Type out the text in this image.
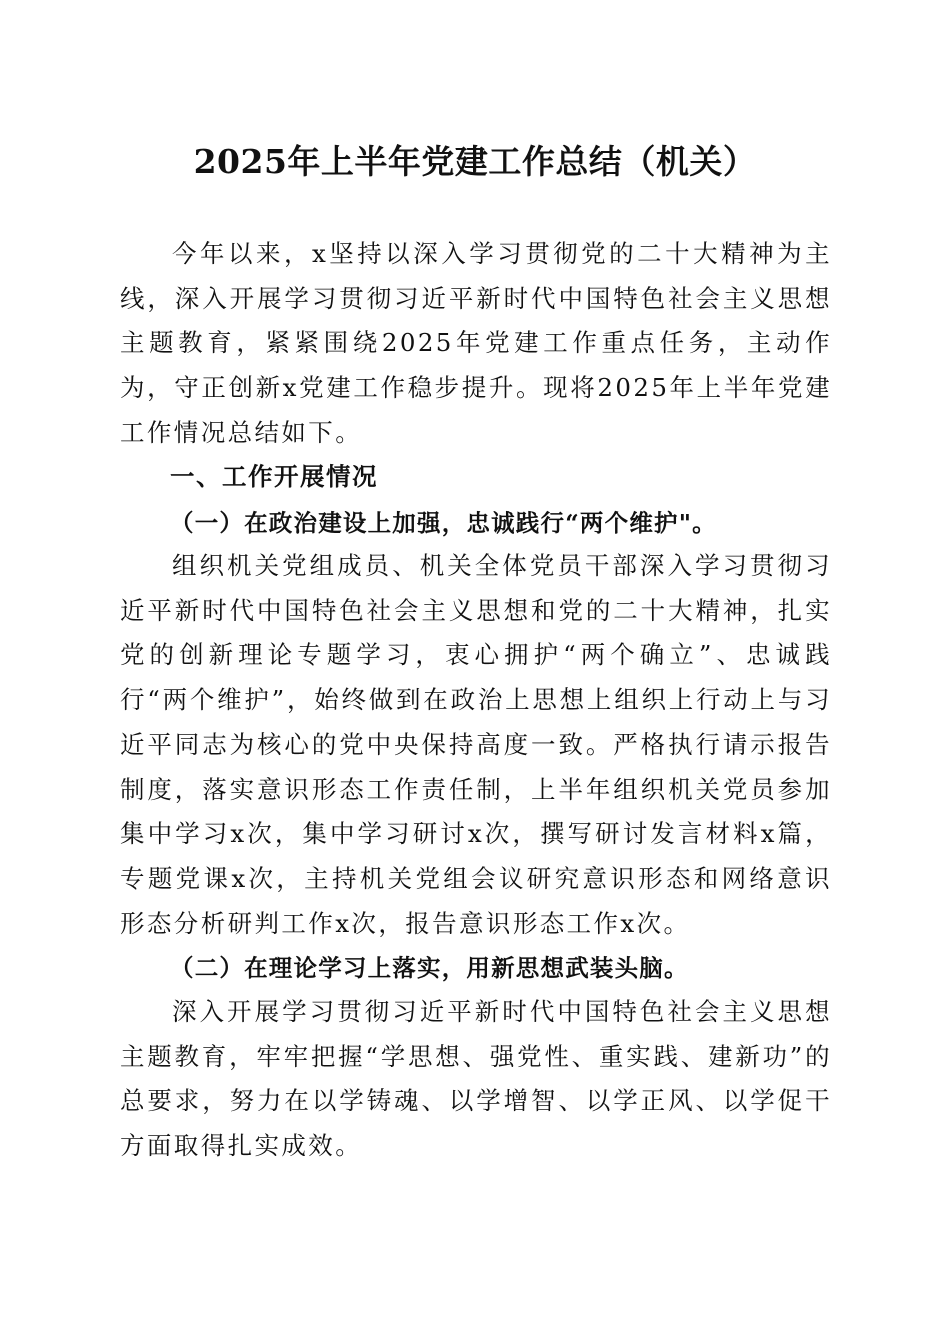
2025年上半年党建工作总结（机关）

今年以来，x坚持以深入学习贯彻党的二十大精神为主线，深入开展学习贯彻习近平新时代中国特色社会主义思想主题教育，紧紧围绕2025年党建工作重点任务，主动作为，守正创新x党建工作稳步提升。现将2025年上半年党建工作情况总结如下。

一、工作开展情况
（一）在政治建设上加强，忠诚践行“两个维护"。

组织机关党组成员、机关全体党员干部深入学习贯彻习近平新时代中国特色社会主义思想和党的二十大精神，扎实党的创新理论专题学习，衷心拥护“两个确立”、忠诚践行“两个维护”，始终做到在政治上思想上组织上行动上与习近平同志为核心的党中央保持高度一致。严格执行请示报告制度，落实意识形态工作责任制，上半年组织机关党员参加集中学习x次，集中学习研讨x次，撰写研讨发言材料x篇，专题党课x次，主持机关党组会议研究意识形态和网络意识形态分析研判工作x次，报告意识形态工作x次。

（二）在理论学习上落实，用新思想武装头脑。

深入开展学习贯彻习近平新时代中国特色社会主义思想主题教育，牢牢把握“学思想、强党性、重实践、建新功”的总要求，努力在以学铸魂、以学增智、以学正风、以学促干方面取得扎实成效。
